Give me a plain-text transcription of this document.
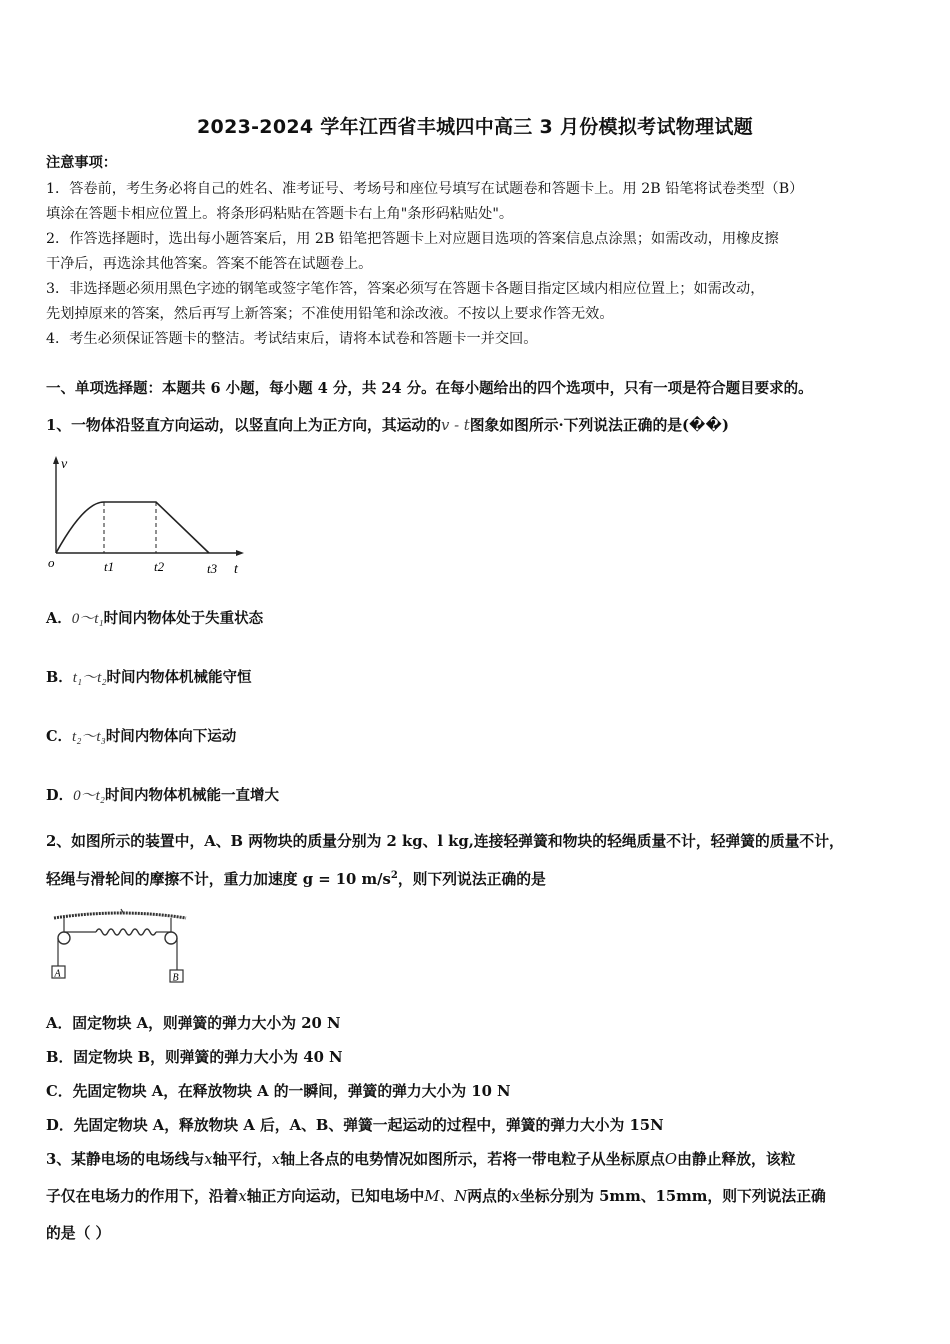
2023-2024 学年江西省丰城四中高三 3 月份模拟考试物理试题
注意事项：
1．答卷前，考生务必将自己的姓名、准考证号、考场号和座位号填写在试题卷和答题卡上。用 2B 铅笔将试卷类型（B）
填涂在答题卡相应位置上。将条形码粘贴在答题卡右上角"条形码粘贴处"。
2．作答选择题时，选出每小题答案后，用 2B 铅笔把答题卡上对应题目选项的答案信息点涂黑；如需改动，用橡皮擦
干净后，再选涂其他答案。答案不能答在试题卷上。
3．非选择题必须用黑色字迹的钢笔或签字笔作答，答案必须写在答题卡各题目指定区域内相应位置上；如需改动，
先划掉原来的答案，然后再写上新答案；不准使用铅笔和涂改液。不按以上要求作答无效。
4．考生必须保证答题卡的整洁。考试结束后，请将本试卷和答题卡一并交回。
一、单项选择题：本题共 6 小题，每小题 4 分，共 24 分。在每小题给出的四个选项中，只有一项是符合题目要求的。
1、一物体沿竖直方向运动，以竖直向上为正方向，其运动的v - t图象如图所示·下列说法正确的是(��)
v
o	t1	t2	t3 t
A．0～t₁时间内物体处于失重状态
B．t₁～t₂时间内物体机械能守恒
C．t₂～t₃时间内物体向下运动
D．0～t₂时间内物体机械能一直增大
2、如图所示的装置中，A、B 两物块的质量分别为 2 kg、l kg,连接轻弹簧和物块的轻绳质量不计，轻弹簧的质量不计，
轻绳与滑轮间的摩擦不计，重力加速度 g = 10 $m/s^2$，则下列说法正确的是
A	B
A．固定物块 A，则弹簧的弹力大小为 20 N
B．固定物块 B，则弹簧的弹力大小为 40 N
C．先固定物块 A，在释放物块 A 的一瞬间，弹簧的弹力大小为 10 N
D．先固定物块 A，释放物块 A 后，A、B、弹簧一起运动的过程中，弹簧的弹力大小为 15N
3、某静电场的电场线与x轴平行，x轴上各点的电势情况如图所示，若将一带电粒子从坐标原点O由静止释放，该粒
子仅在电场力的作用下，沿着x轴正方向运动，已知电场中M、N两点的x坐标分别为 5mm、15mm，则下列说法正确
的是（ ）
